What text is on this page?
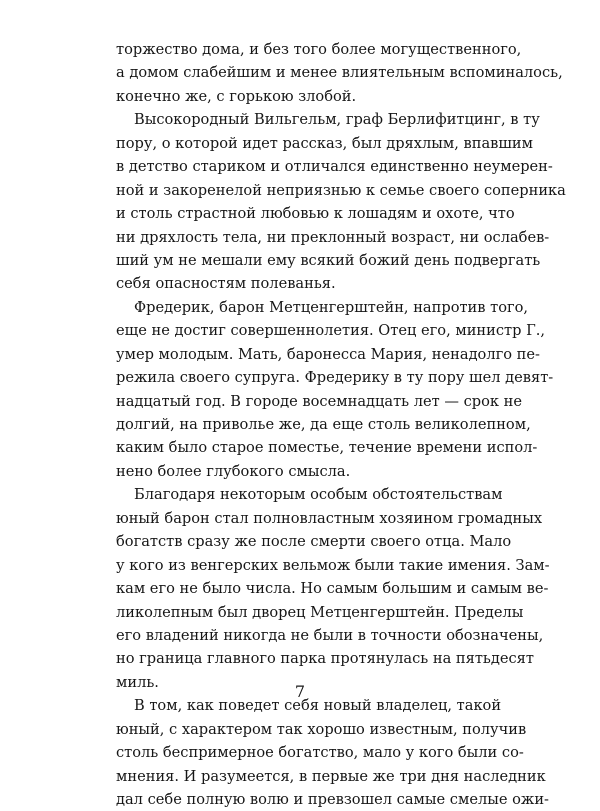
торжество дома, и без того более могущественного,
а домом слабейшим и менее влиятельным вспоминалось,
конечно же, с горькою злобой.
Высокородный Вильгельм, граф Берлифитцинг, в ту
пору, о которой идет рассказ, был дряхлым, впавшим
в детство стариком и отличался единственно неумерен-
ной и закоренелой неприязнью к семье своего соперника
и столь страстной любовью к лошадям и охоте, что
ни дряхлость тела, ни преклонный возраст, ни ослабев-
ший ум не мешали ему всякий божий день подвергать
себя опасностям полеванья.
Фредерик, барон Метценгерштейн, напротив того,
еще не достиг совершеннолетия. Отец его, министр Г.,
умер молодым. Мать, баронесса Мария, ненадолго пе-
режила своего супруга. Фредерику в ту пору шел девят-
надцатый год. В городе восемнадцать лет — срок не
долгий, на приволье же, да еще столь великолепном,
каким было старое поместье, течение времени испол-
нено более глубокого смысла.
Благодаря некоторым особым обстоятельствам
юный барон стал полновластным хозяином громадных
богатств сразу же после смерти своего отца. Мало
у кого из венгерских вельмож были такие имения. Зам-
кам его не было числа. Но самым большим и самым ве-
ликолепным был дворец Метценгерштейн. Пределы
его владений никогда не были в точности обозначены,
но граница главного парка протянулась на пятьдесят
миль.
В том, как поведет себя новый владелец, такой
юный, с характером так хорошо известным, получив
столь беспримерное богатство, мало у кого были со-
мнения. И разумеется, в первые же три дня наследник
дал себе полную волю и превзошел самые смелые ожи-
7
